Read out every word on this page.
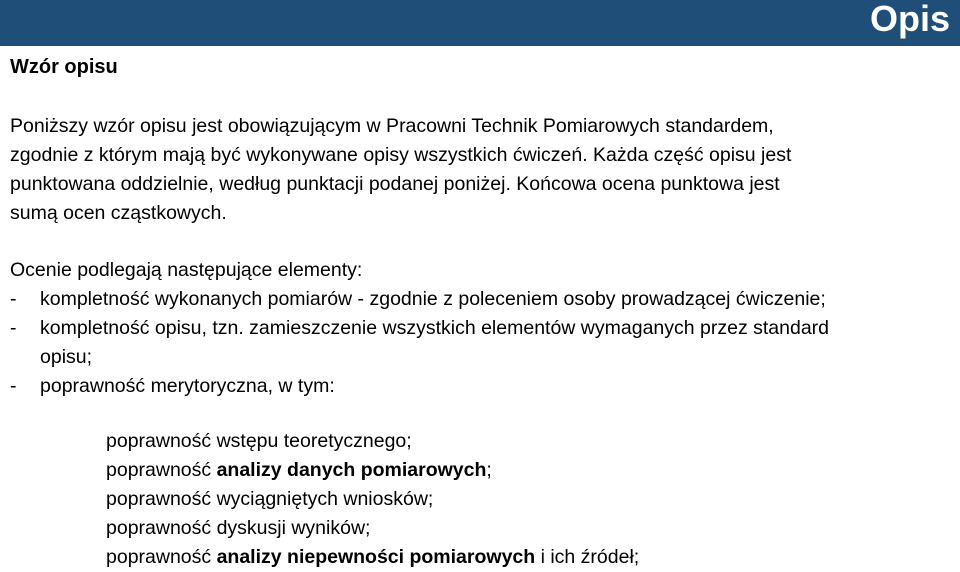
Opis
Wzór opisu
Poniższy wzór opisu jest obowiązującym w Pracowni Technik Pomiarowych standardem,
zgodnie z którym mają być wykonywane opisy wszystkich ćwiczeń. Każda część opisu jest
punktowana oddzielnie, według punktacji podanej poniżej. Końcowa ocena punktowa jest
sumą ocen cząstkowych.
Ocenie podlegają następujące elementy:
- kompletność wykonanych pomiarów - zgodnie z poleceniem osoby prowadzącej ćwiczenie;
- kompletność opisu, tzn. zamieszczenie wszystkich elementów wymaganych przez standard
opisu;
- poprawność merytoryczna, w tym:
poprawność wstępu teoretycznego;
poprawność analizy danych pomiarowych;
poprawność wyciągniętych wniosków;
poprawność dyskusji wyników;
poprawność analizy niepewności pomiarowych i ich źródeł;
